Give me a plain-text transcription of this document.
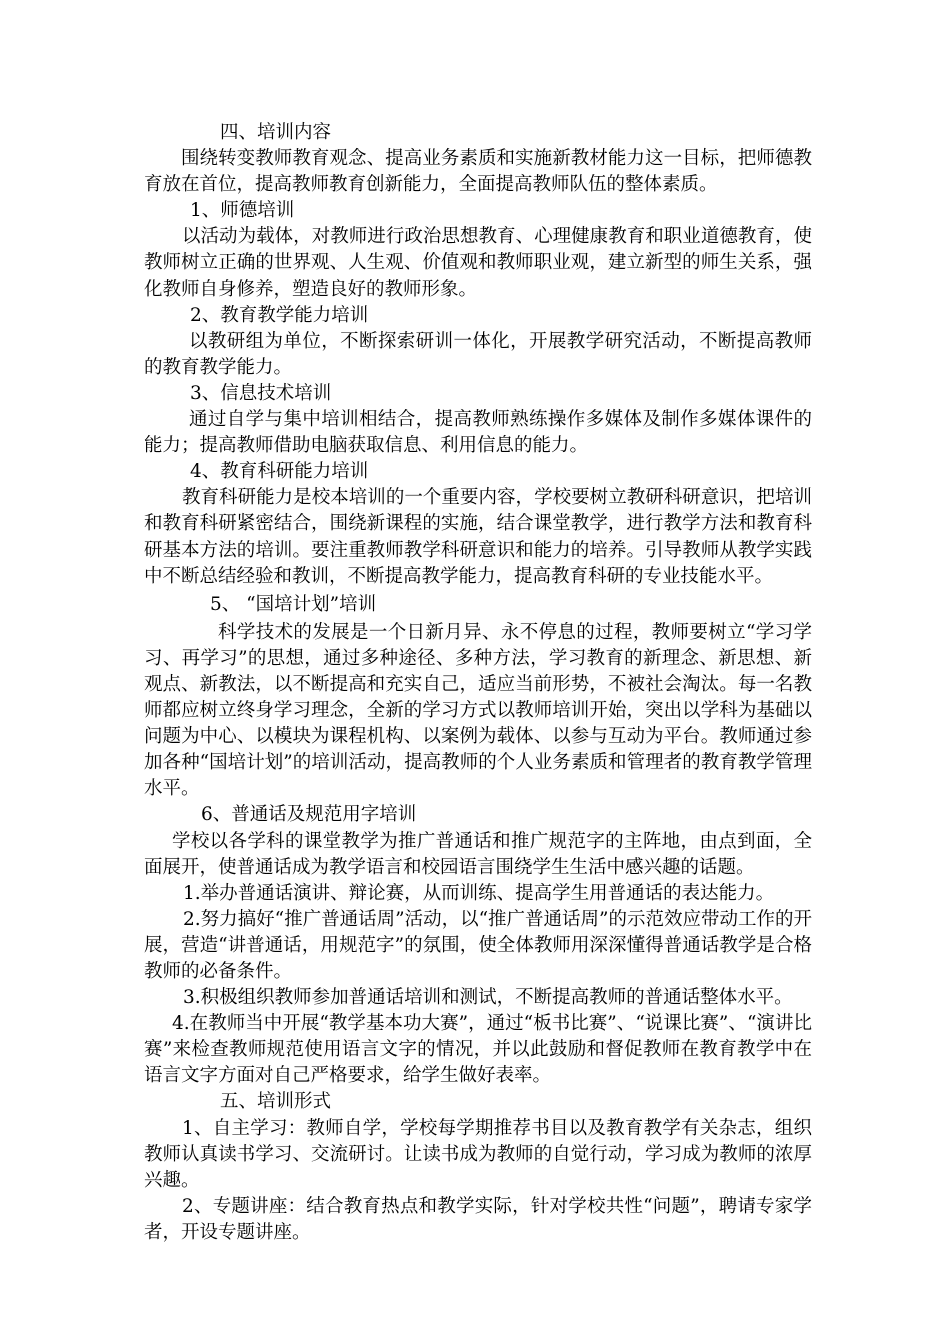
四、培训内容

围绕转变教师教育观念、提高业务素质和实施新教材能力这一目标，把师德教育放在首位，提高教师教育创新能力，全面提高教师队伍的整体素质。

1、师德培训

以活动为载体，对教师进行政治思想教育、心理健康教育和职业道德教育，使教师树立正确的世界观、人生观、价值观和教师职业观，建立新型的师生关系，强化教师自身修养，塑造良好的教师形象。

2、教育教学能力培训

以教研组为单位，不断探索研训一体化，开展教学研究活动，不断提高教师的教育教学能力。

3、信息技术培训

通过自学与集中培训相结合，提高教师熟练操作多媒体及制作多媒体课件的能力；提高教师借助电脑获取信息、利用信息的能力。

4、教育科研能力培训

教育科研能力是校本培训的一个重要内容，学校要树立教研科研意识，把培训和教育科研紧密结合，围绕新课程的实施，结合课堂教学，进行教学方法和教育科研基本方法的培训。要注重教师教学科研意识和能力的培养。引导教师从教学实践中不断总结经验和教训，不断提高教学能力，提高教育科研的专业技能水平。

5、 “国培计划”培训

科学技术的发展是一个日新月异、永不停息的过程，教师要树立“学习学习、再学习”的思想，通过多种途径、多种方法，学习教育的新理念、新思想、新观点、新教法，以不断提高和充实自己，适应当前形势，不被社会淘汰。每一名教师都应树立终身学习理念，全新的学习方式以教师培训开始，突出以学科为基础以问题为中心、以模块为课程机构、以案例为载体、以参与互动为平台。教师通过参加各种“国培计划”的培训活动，提高教师的个人业务素质和管理者的教育教学管理水平。

6、普通话及规范用字培训

学校以各学科的课堂教学为推广普通话和推广规范字的主阵地，由点到面，全面展开，使普通话成为教学语言和校园语言围绕学生生活中感兴趣的话题。

1.举办普通话演讲、辩论赛，从而训练、提高学生用普通话的表达能力。

2.努力搞好“推广普通话周”活动，以“推广普通话周”的示范效应带动工作的开展，营造“讲普通话，用规范字”的氛围，使全体教师用深深懂得普通话教学是合格教师的必备条件。

3.积极组织教师参加普通话培训和测试，不断提高教师的普通话整体水平。

4.在教师当中开展“教学基本功大赛”，通过“板书比赛”、“说课比赛”、“演讲比赛”来检查教师规范使用语言文字的情况，并以此鼓励和督促教师在教育教学中在语言文字方面对自己严格要求，给学生做好表率。

五、培训形式

1、自主学习：教师自学，学校每学期推荐书目以及教育教学有关杂志，组织教师认真读书学习、交流研讨。让读书成为教师的自觉行动，学习成为教师的浓厚兴趣。

2、专题讲座：结合教育热点和教学实际，针对学校共性“问题”，聘请专家学者，开设专题讲座。
